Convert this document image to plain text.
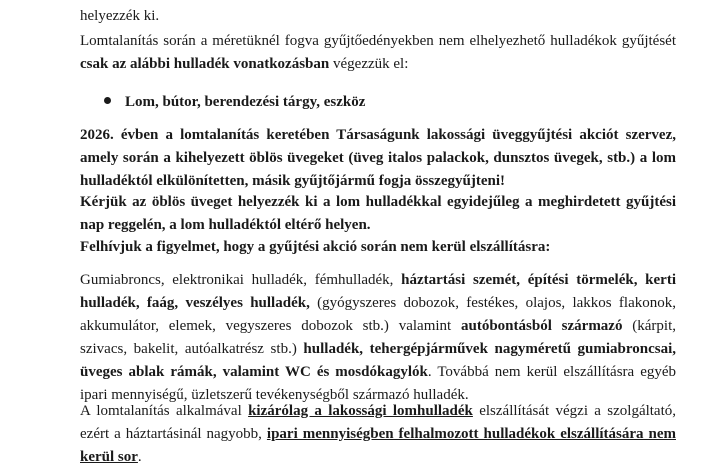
helyezzék ki.

Lomtalanítás során a méretüknél fogva gyűjtőedényekben nem elhelyezhető hulladékok gyűjtését csak az alábbi hulladék vonatkozásban végezzük el:

2026. évben a lomtalanítás keretében Társaságunk lakossági üveggyűjtési akciót szervez, amely során a kihelyezett öblös üvegeket (üveg italos palackok, dunsztos üvegek, stb.) a lom hulladéktól elkülönítetten, másik gyűjtőjármű fogja összegyűjteni!

Kérjük az öblös üveget helyezzék ki a lom hulladékkal egyidejűleg a meghirdetett gyűjtési nap reggelén, a lom hulladéktól eltérő helyen.

Felhívjuk a figyelmet, hogy a gyűjtési akció során nem kerül elszállításra:

Gumiabroncs, elektronikai hulladék, fémhulladék, háztartási szemét, építési törmelék, kerti hulladék, faág, veszélyes hulladék, (gyógyszeres dobozok, festékes, olajos, lakkos flakonok, akkumulátor, elemek, vegyszeres dobozok stb.) valamint autóbontásból származó (kárpit, szivacs, bakelit, autóalkatrész stb.) hulladék, tehergépjárművek nagyméretű gumiabroncsai, üveges ablak rámák, valamint WC és mosdókagylók. Továbbá nem kerül elszállításra egyéb ipari mennyiségű, üzletszerű tevékenységből származó hulladék.

A lomtalanítás alkalmával kizárólag a lakossági lomhulladék elszállítását végzi a szolgáltató, ezért a háztartásinál nagyobb, ipari mennyiségben felhalmozott hulladékok elszállítására nem kerül sor.

Lom, bútor, berendezési tárgy, eszköz
